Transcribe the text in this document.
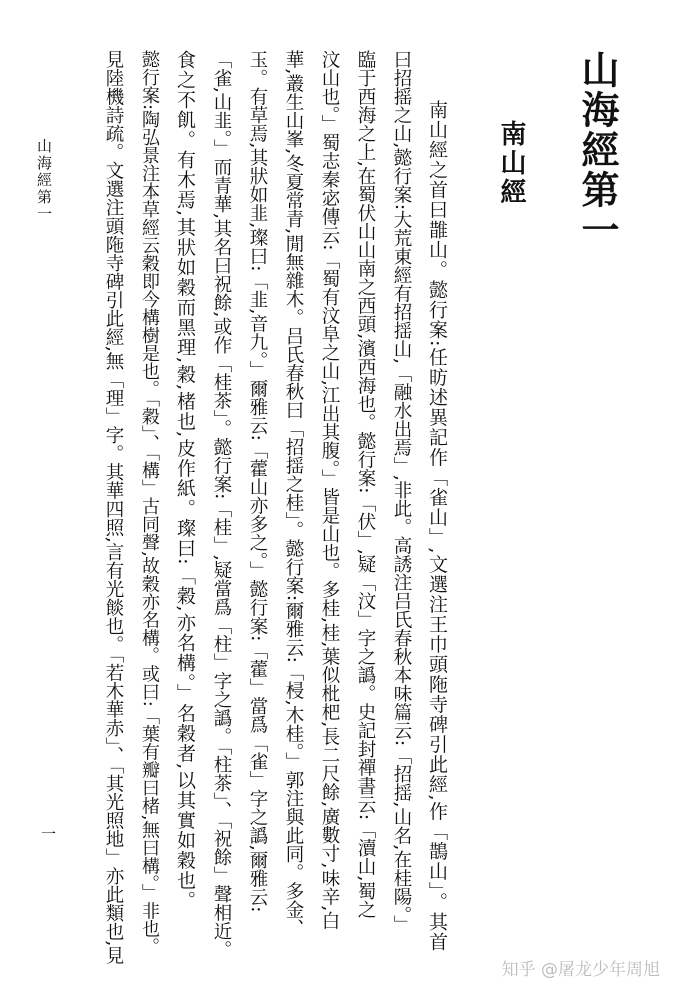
山海經第一
南山經
南山經之首曰䧿山。懿行案:任昉述異記作「雀山」,文選注王巾頭陁寺碑引此經,作「鵲山」。其首
曰招摇之山,懿行案:大荒東經有招揺山,「融水出焉」,非此。高誘注吕氏春秋本味篇云:「招揺,山名,在桂陽。」
臨于西海之上,在蜀伏山山南之西頭,濱西海也。懿行案:「伏」,疑「汶」字之譌。史記封禪書云:「瀆山,蜀之
汶山也。」蜀志秦宓傳云:「蜀有汶阜之山,江出其腹。」皆是山也。多桂,桂,葉似枇杷,長二尺餘,廣數寸,味辛,白
華,叢生山峯,冬夏常青,閒無雜木。吕氏春秋曰「招揺之桂」。懿行案:爾雅云:「梫,木桂。」郭注與此同。多金、
玉。有草焉,其狀如韭,璨曰:「韭,音九。」爾雅云:「藿山亦多之。」懿行案:「藿」當爲「雀」字之譌,爾雅云:
「雀,山韭。」而青華,其名曰祝餘,或作「桂茶」。懿行案:「桂」,疑當爲「柱」字之譌。「柱茶」、「祝餘」聲相近。
食之不飢。有木焉,其狀如穀而黑理,穀,楮也,皮作紙。璨曰:「穀,亦名構。」名穀者,以其實如穀也。
懿行案:陶弘景注本草經云穀即今構樹是也。「穀」、「構」古同聲,故穀亦名構。或曰:「葉有瓣曰楮,無曰構。」非也。
見陸機詩疏。文選注頭陁寺碑引此經,無「理」字。其華四照,言有光餤也。「若木華赤」、「其光照地」亦此類也,見
山海經第一
一
知乎 @屠龙少年周旭
